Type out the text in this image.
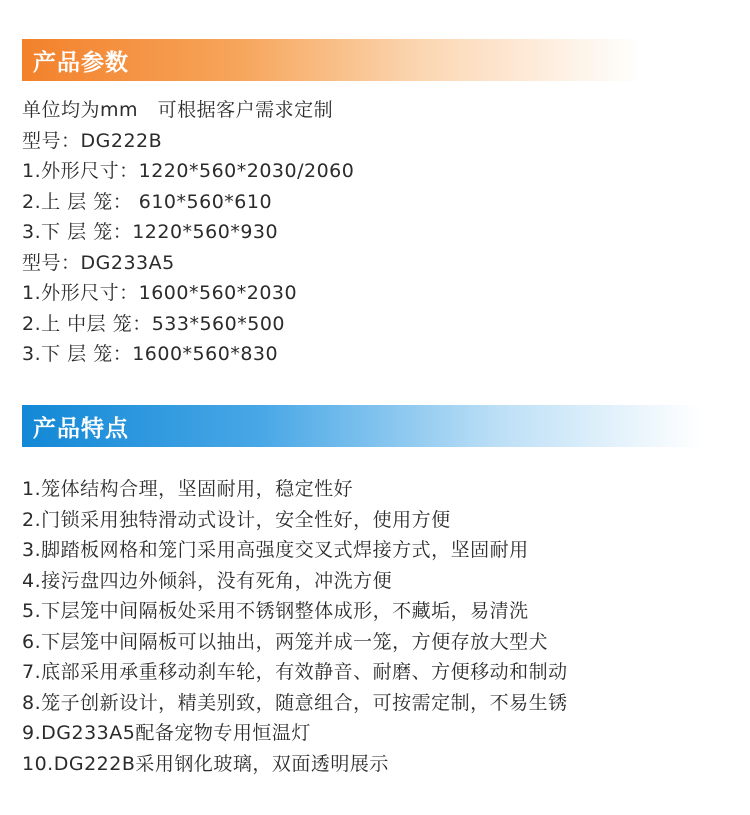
产品参数
单位均为mm   可根据客户需求定制
型号：DG222B
1.外形尺寸：1220*560*2030/2060
2.上 层 笼： 610*560*610
3.下 层 笼：1220*560*930
型号：DG233A5
1.外形尺寸：1600*560*2030
2.上 中层 笼：533*560*500
3.下 层 笼：1600*560*830
产品特点
1.笼体结构合理，坚固耐用，稳定性好
2.门锁采用独特滑动式设计，安全性好，使用方便
3.脚踏板网格和笼门采用高强度交叉式焊接方式，坚固耐用
4.接污盘四边外倾斜，没有死角，冲洗方便
5.下层笼中间隔板处采用不锈钢整体成形，不藏垢，易清洗
6.下层笼中间隔板可以抽出，两笼并成一笼，方便存放大型犬
7.底部采用承重移动刹车轮，有效静音、耐磨、方便移动和制动
8.笼子创新设计，精美别致，随意组合，可按需定制，不易生锈
9.DG233A5配备宠物专用恒温灯
10.DG222B采用钢化玻璃，双面透明展示
